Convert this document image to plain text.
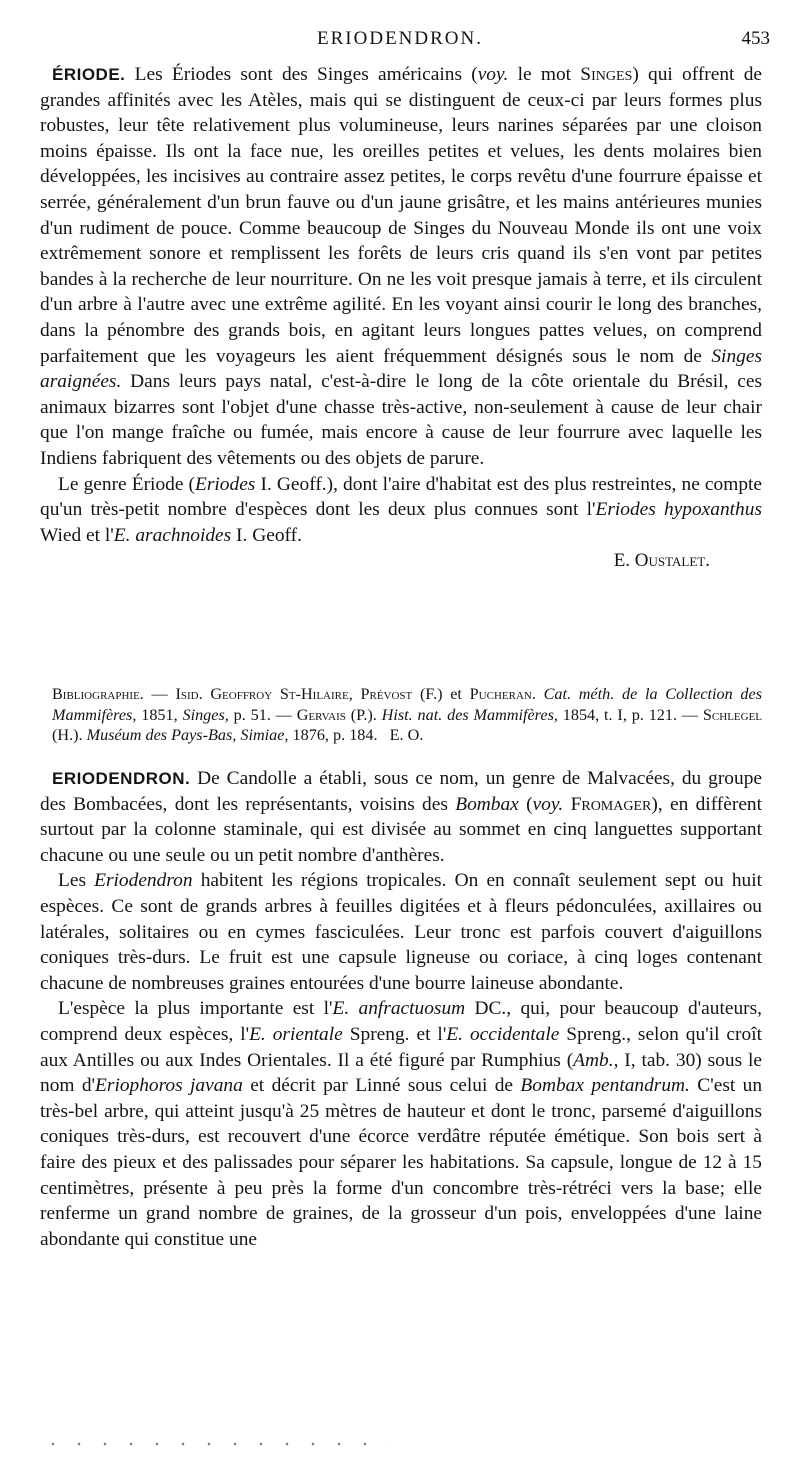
ERIODENDRON.	453

ÉRIODE. Les Ériodes sont des Singes américains (voy. le mot Singes) qui offrent de grandes affinités avec les Atèles, mais qui se distinguent de ceux-ci par leurs formes plus robustes, leur tête relativement plus volumineuse, leurs narines séparées par une cloison moins épaisse. Ils ont la face nue, les oreilles petites et velues, les dents molaires bien développées, les incisives au contraire assez petites, le corps revêtu d'une fourrure épaisse et serrée, généralement d'un brun fauve ou d'un jaune grisâtre, et les mains antérieures munies d'un rudiment de pouce. Comme beaucoup de Singes du Nouveau Monde ils ont une voix extrêmement sonore et remplissent les forêts de leurs cris quand ils s'en vont par petites bandes à la recherche de leur nourriture. On ne les voit presque jamais à terre, et ils circulent d'un arbre à l'autre avec une extrême agilité. En les voyant ainsi courir le long des branches, dans la pénombre des grands bois, en agitant leurs longues pattes velues, on comprend parfaitement que les voyageurs les aient fréquemment désignés sous le nom de Singes araignées. Dans leurs pays natal, c'est-à-dire le long de la côte orientale du Brésil, ces animaux bizarres sont l'objet d'une chasse très-active, non-seulement à cause de leur chair que l'on mange fraîche ou fumée, mais encore à cause de leur fourrure avec laquelle les Indiens fabriquent des vêtements ou des objets de parure.

Le genre Ériode (Eriodes I. Geoff.), dont l'aire d'habitat est des plus restreintes, ne compte qu'un très-petit nombre d'espèces dont les deux plus connues sont l'Eriodes hypoxanthus Wied et l'E. arachnoides I. Geoff.

E. Oustalet.

Bibliographie. — Isid. Geoffroy St-Hilaire, Prévost (F.) et Pucheran. Cat. méth. de la Collection des Mammifères, 1851, Singes, p. 51. — Gervais (P.). Hist. nat. des Mammifères, 1854, t. I, p. 121. — Schlegel (H.). Muséum des Pays-Bas, Simiae, 1876, p. 184. E. O.

ERIODENDRON. De Candolle a établi, sous ce nom, un genre de Malvacées, du groupe des Bombacées, dont les représentants, voisins des Bombax (voy. Fromager), en diffèrent surtout par la colonne staminale, qui est divisée au sommet en cinq languettes supportant chacune ou une seule ou un petit nombre d'anthères.

Les Eriodendron habitent les régions tropicales. On en connaît seulement sept ou huit espèces. Ce sont de grands arbres à feuilles digitées et à fleurs pédonculées, axillaires ou latérales, solitaires ou en cymes fasciculées. Leur tronc est parfois couvert d'aiguillons coniques très-durs. Le fruit est une capsule ligneuse ou coriace, à cinq loges contenant chacune de nombreuses graines entourées d'une bourre laineuse abondante.

L'espèce la plus importante est l'E. anfractuosum DC., qui, pour beaucoup d'auteurs, comprend deux espèces, l'E. orientale Spreng. et l'E. occidentale Spreng., selon qu'il croît aux Antilles ou aux Indes Orientales. Il a été figuré par Rumphius (Amb., I, tab. 30) sous le nom d'Eriophoros javana et décrit par Linné sous celui de Bombax pentandrum. C'est un très-bel arbre, qui atteint jusqu'à 25 mètres de hauteur et dont le tronc, parsemé d'aiguillons coniques très-durs, est recouvert d'une écorce verdâtre réputée émétique. Son bois sert à faire des pieux et des palissades pour séparer les habitations. Sa capsule, longue de 12 à 15 centimètres, présente à peu près la forme d'un concombre très-rétréci vers la base; elle renferme un grand nombre de graines, de la grosseur d'un pois, enveloppées d'une laine abondante qui constitue une
